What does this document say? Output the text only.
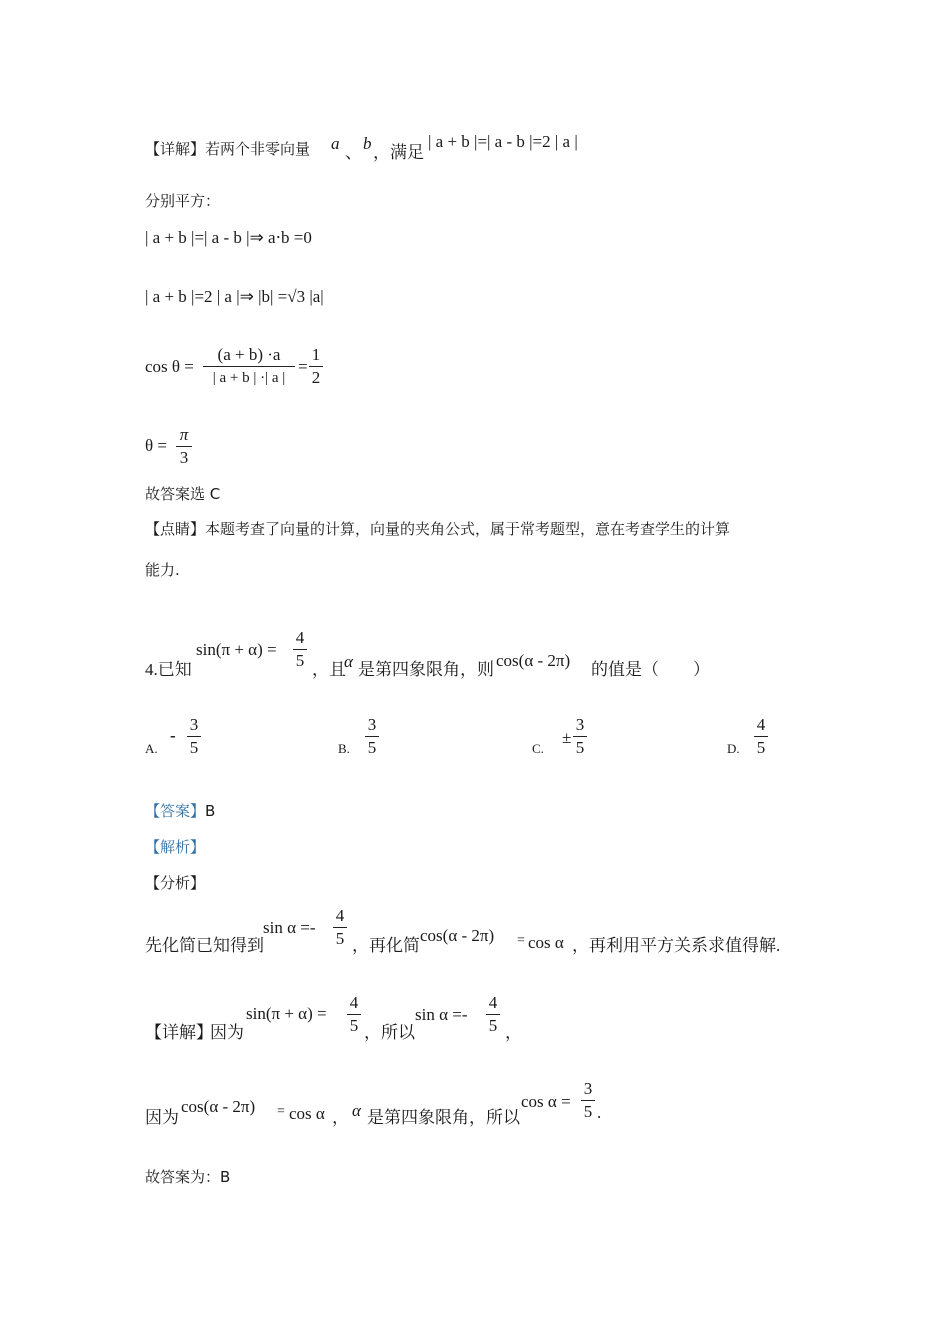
【详解】若两个非零向量 a 、 b ，满足
| a + b |=| a - b |=2 | a |
分别平方：
| a + b |=| a - b |⇒ a⋅b =0
| a + b |=2 | a |⇒ |b| =√3 |a|
cos θ =
(a + b) ·a
| a + b | ·| a |
=
1
2
θ =
π
3
故答案选 C
【点睛】本题考查了向量的计算，向量的夹角公式，属于常考题型，意在考查学生的计算
能力.
4.已知
sin(π + α) =
4
5 ，且
α 是第四象限角，则 cos(α - 2π) 的值是（　　）
A.
-
3
5	B.
3
5	C.
±
3
5	D.
4
5
【答案】B
【解析】
【分析】
先化简已知得到
sin α =-
4
5 ，再化简
cos(α - 2π) = cos α ，再利用平方关系求值得解.
【详解】
因为
sin(π + α) =
4
5 ，所以
sin α =-
4
5 ，
因为
cos(α - 2π) = cos α ， α 是第四象限角，所以
cos α =
3
5 .
故答案为：B
